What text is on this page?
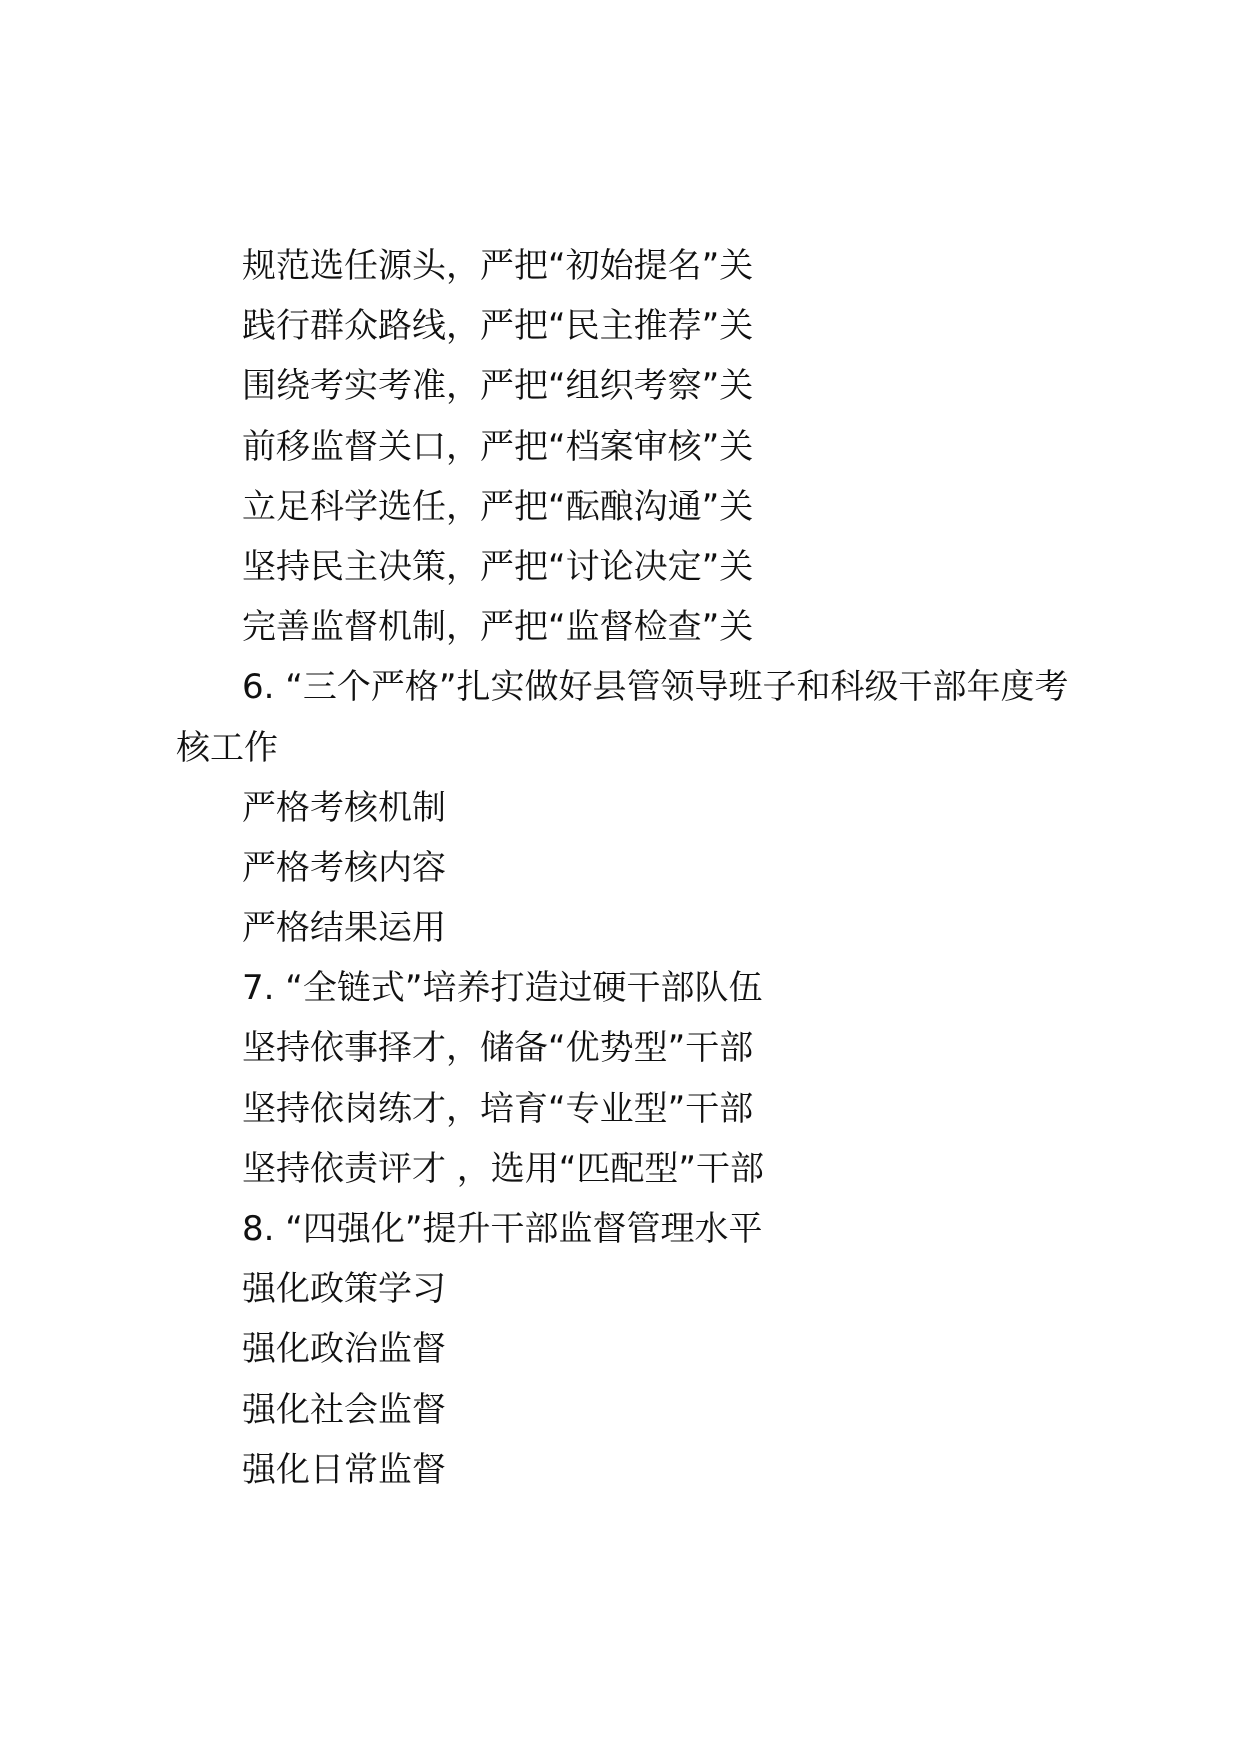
规范选任源头，严把“初始提名”关
践行群众路线，严把“民主推荐”关
围绕考实考准，严把“组织考察”关
前移监督关口，严把“档案审核”关
立足科学选任，严把“酝酿沟通”关
坚持民主决策，严把“讨论决定”关
完善监督机制，严把“监督检查”关
6. “三个严格”扎实做好县管领导班子和科级干部年度考核工作
严格考核机制
严格考核内容
严格结果运用
7. “全链式”培养打造过硬干部队伍
坚持依事择才，储备“优势型”干部
坚持依岗练才，培育“专业型”干部
坚持依责评才 ，选用“匹配型”干部
8. “四强化”提升干部监督管理水平
强化政策学习
强化政治监督
强化社会监督
强化日常监督
